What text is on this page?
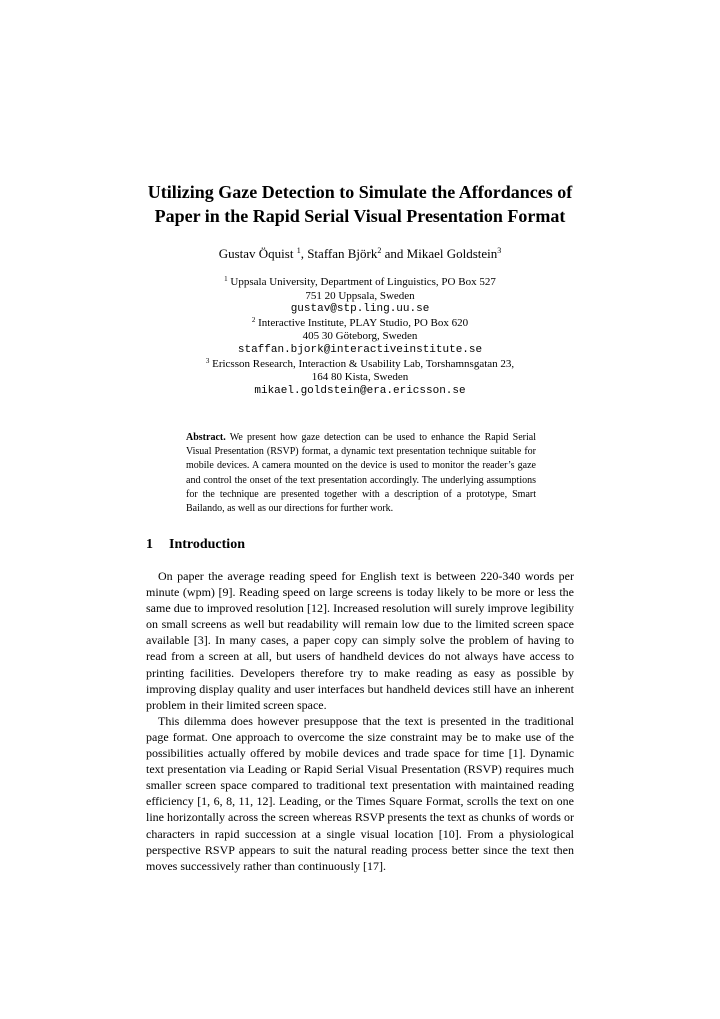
Utilizing Gaze Detection to Simulate the Affordances of
Paper in the Rapid Serial Visual Presentation Format
Gustav Öquist $^1$, Staffan Björk$^2$ and Mikael Goldstein$^3$
$^1$ Uppsala University, Department of Linguistics, PO Box 527
751 20 Uppsala, Sweden
gustav@stp.ling.uu.se
$^2$ Interactive Institute, PLAY Studio, PO Box 620
405 30 Göteborg, Sweden
staffan.bjork@interactiveinstitute.se
$^3$ Ericsson Research, Interaction & Usability Lab, Torshamnsgatan 23,
164 80 Kista, Sweden
mikael.goldstein@era.ericsson.se

Abstract. We present how gaze detection can be used to enhance the Rapid Serial Visual Presentation (RSVP) format, a dynamic text presentation technique suitable for mobile devices. A camera mounted on the device is used to monitor the reader’s gaze and control the onset of the text presentation accordingly. The underlying assumptions for the technique are presented together with a description of a prototype, Smart Bailando, as well as our directions for further work.

1 Introduction

On paper the average reading speed for English text is between 220-340 words per minute (wpm) [9]. Reading speed on large screens is today likely to be more or less the same due to improved resolution [12]. Increased resolution will surely improve legibility on small screens as well but readability will remain low due to the limited screen space available [3]. In many cases, a paper copy can simply solve the problem of having to read from a screen at all, but users of handheld devices do not always have access to printing facilities. Developers therefore try to make reading as easy as possible by improving display quality and user interfaces but handheld devices still have an inherent problem in their limited screen space.

This dilemma does however presuppose that the text is presented in the traditional page format. One approach to overcome the size constraint may be to make use of the possibilities actually offered by mobile devices and trade space for time [1]. Dynamic text presentation via Leading or Rapid Serial Visual Presentation (RSVP) requires much smaller screen space compared to traditional text presentation with maintained reading efficiency [1, 6, 8, 11, 12]. Leading, or the Times Square Format, scrolls the text on one line horizontally across the screen whereas RSVP presents the text as chunks of words or characters in rapid succession at a single visual location [10]. From a physiological perspective RSVP appears to suit the natural reading process better since the text then moves successively rather than continuously [17].
